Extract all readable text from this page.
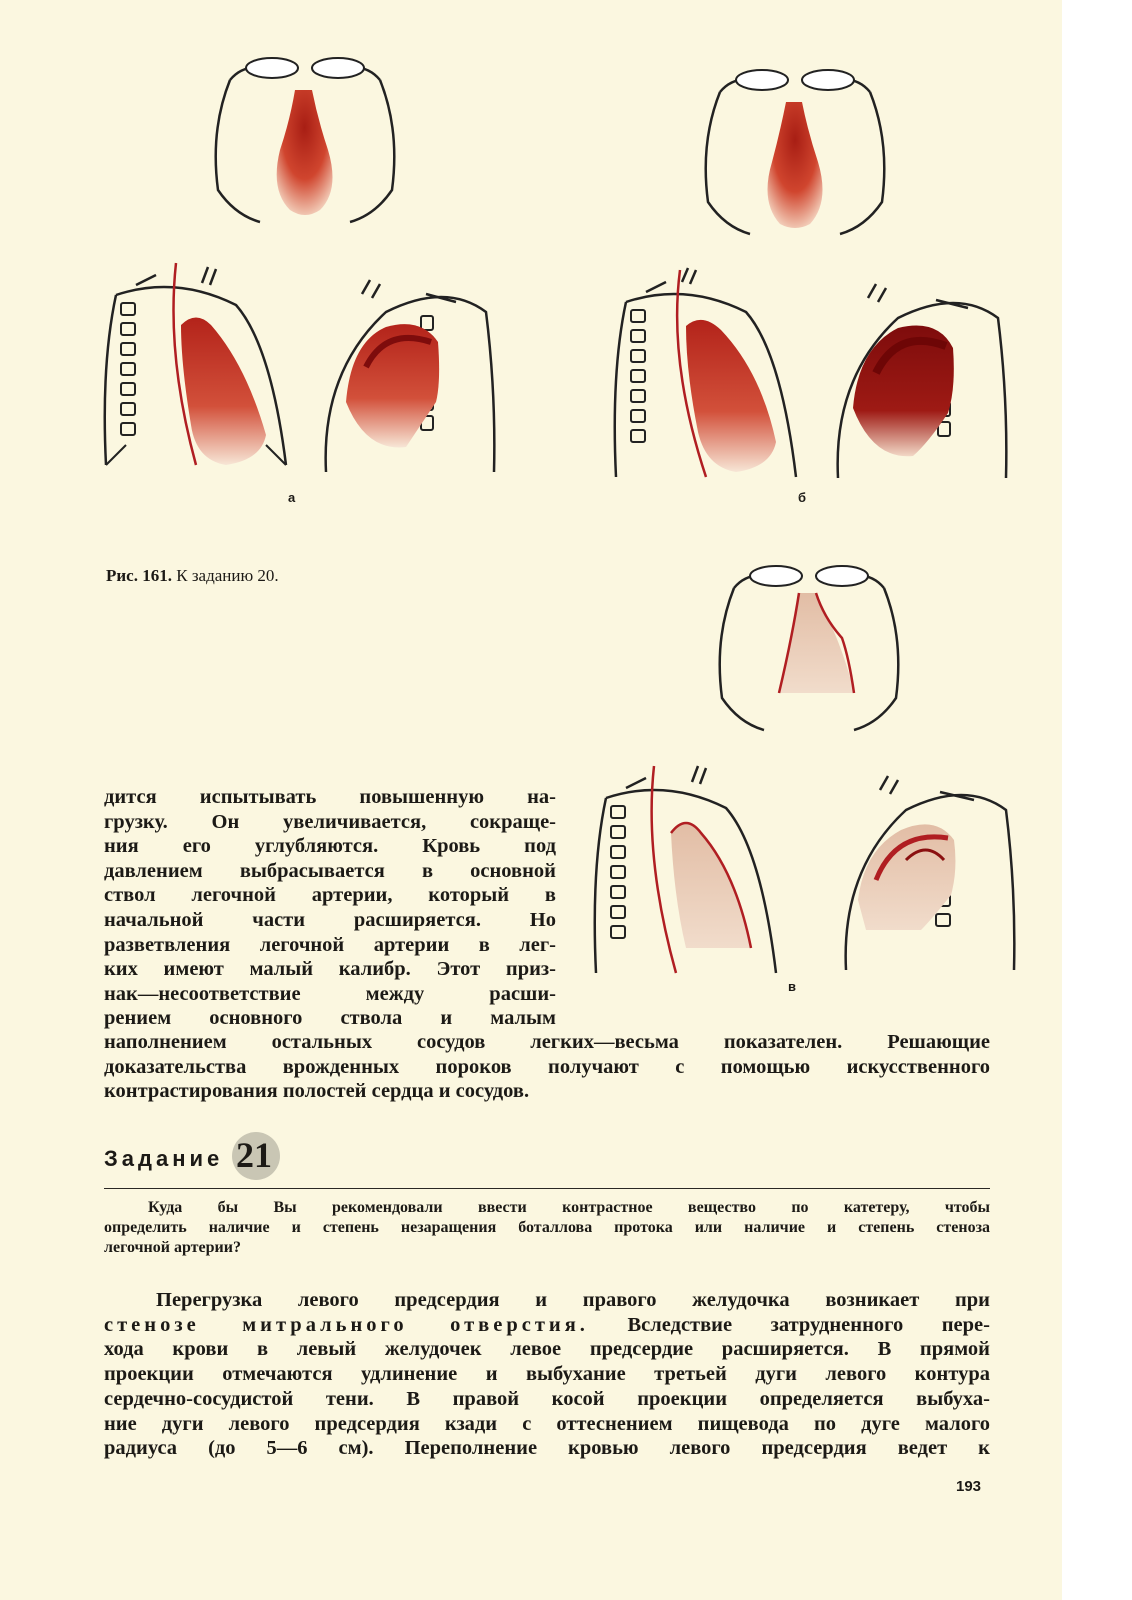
а	б
Рис. 161. К заданию 20.
в
дится испытывать повышенную на-
грузку. Он увеличивается, сокраще-
ния его углубляются. Кровь под
давлением выбрасывается в основной
ствол легочной артерии, который в
начальной части расширяется. Но
разветвления легочной артерии в лег-
ких имеют малый калибр. Этот приз-
нак—несоответствие между расши-
рением основного ствола и малым
наполнением остальных сосудов легких—весьма показателен. Решающие
доказательства врожденных пороков получают с помощью искусственного
контрастирования полостей сердца и сосудов.
Задание 21
Куда бы Вы рекомендовали ввести контрастное вещество по катетеру, чтобы
определить наличие и степень незаращения боталлова протока или наличие и степень стеноза
легочной артерии?
Перегрузка левого предсердия и правого желудочка возникает при
стенозе митрального отверстия. Вследствие затрудненного пере-
хода крови в левый желудочек левое предсердие расширяется. В прямой
проекции отмечаются удлинение и выбухание третьей дуги левого контура
сердечно-сосудистой тени. В правой косой проекции определяется выбуха-
ние дуги левого предсердия кзади с оттеснением пищевода по дуге малого
радиуса (до 5—6 см). Переполнение кровью левого предсердия ведет к
193
